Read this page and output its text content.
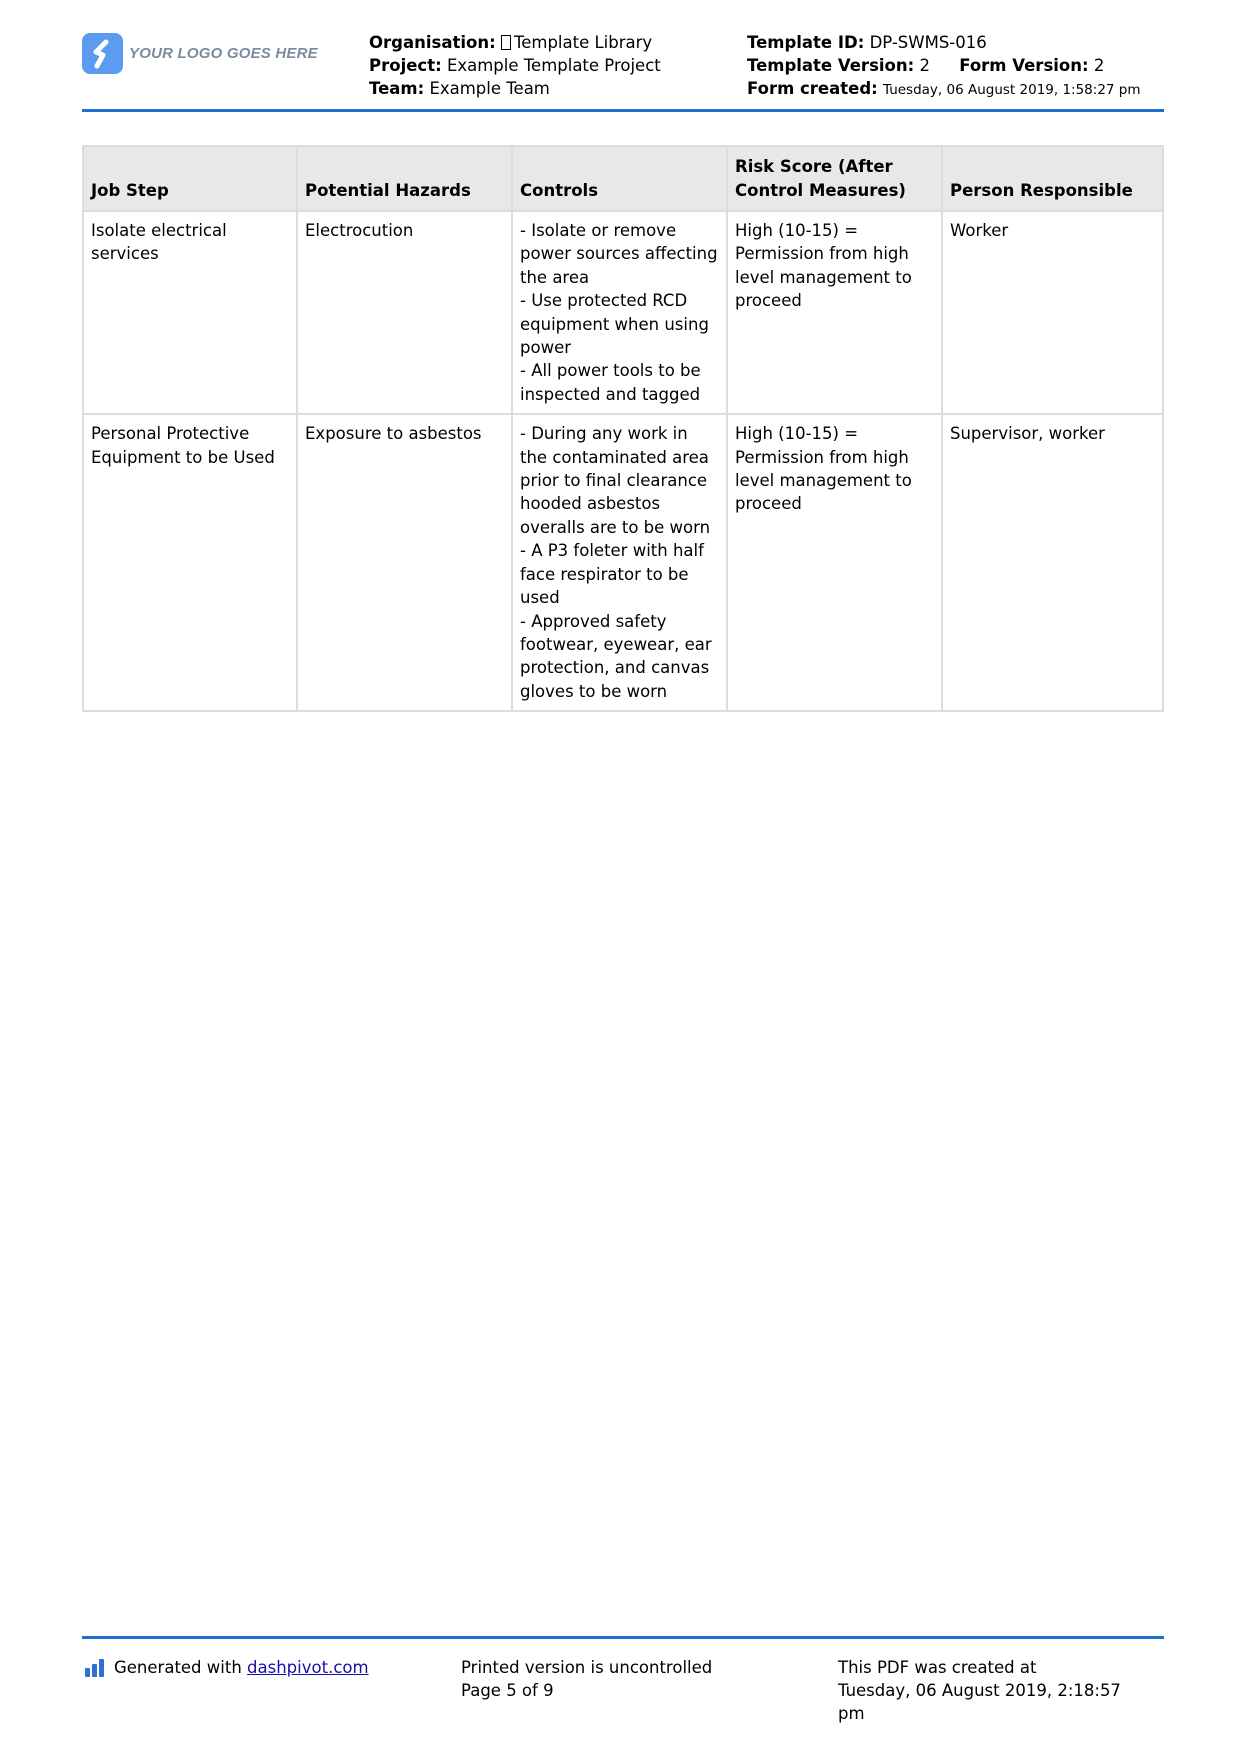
YOUR LOGO GOES HERE
Organisation: Template Library
Project: Example Template Project
Team: Example Team
Template ID: DP-SWMS-016
Template Version: 2 Form Version: 2
Form created: Tuesday, 06 August 2019, 1:58:27 pm
Job Step	Potential Hazards	Controls	Risk Score (After Control Measures)	Person Responsible
Isolate electrical services	Electrocution	- Isolate or remove power sources affecting the area
- Use protected RCD equipment when using power
- All power tools to be inspected and tagged	High (10-15) = Permission from high level management to proceed	Worker
Personal Protective Equipment to be Used	Exposure to asbestos	- During any work in the contaminated area prior to final clearance hooded asbestos overalls are to be worn
- A P3 foleter with half face respirator to be used
- Approved safety footwear, eyewear, ear protection, and canvas gloves to be worn	High (10-15) = Permission from high level management to proceed	Supervisor, worker
Generated with
dashpivot.com	Printed version is uncontrolled
Page 5 of 9
This PDF was created at
Tuesday, 06 August 2019, 2:18:57 pm
